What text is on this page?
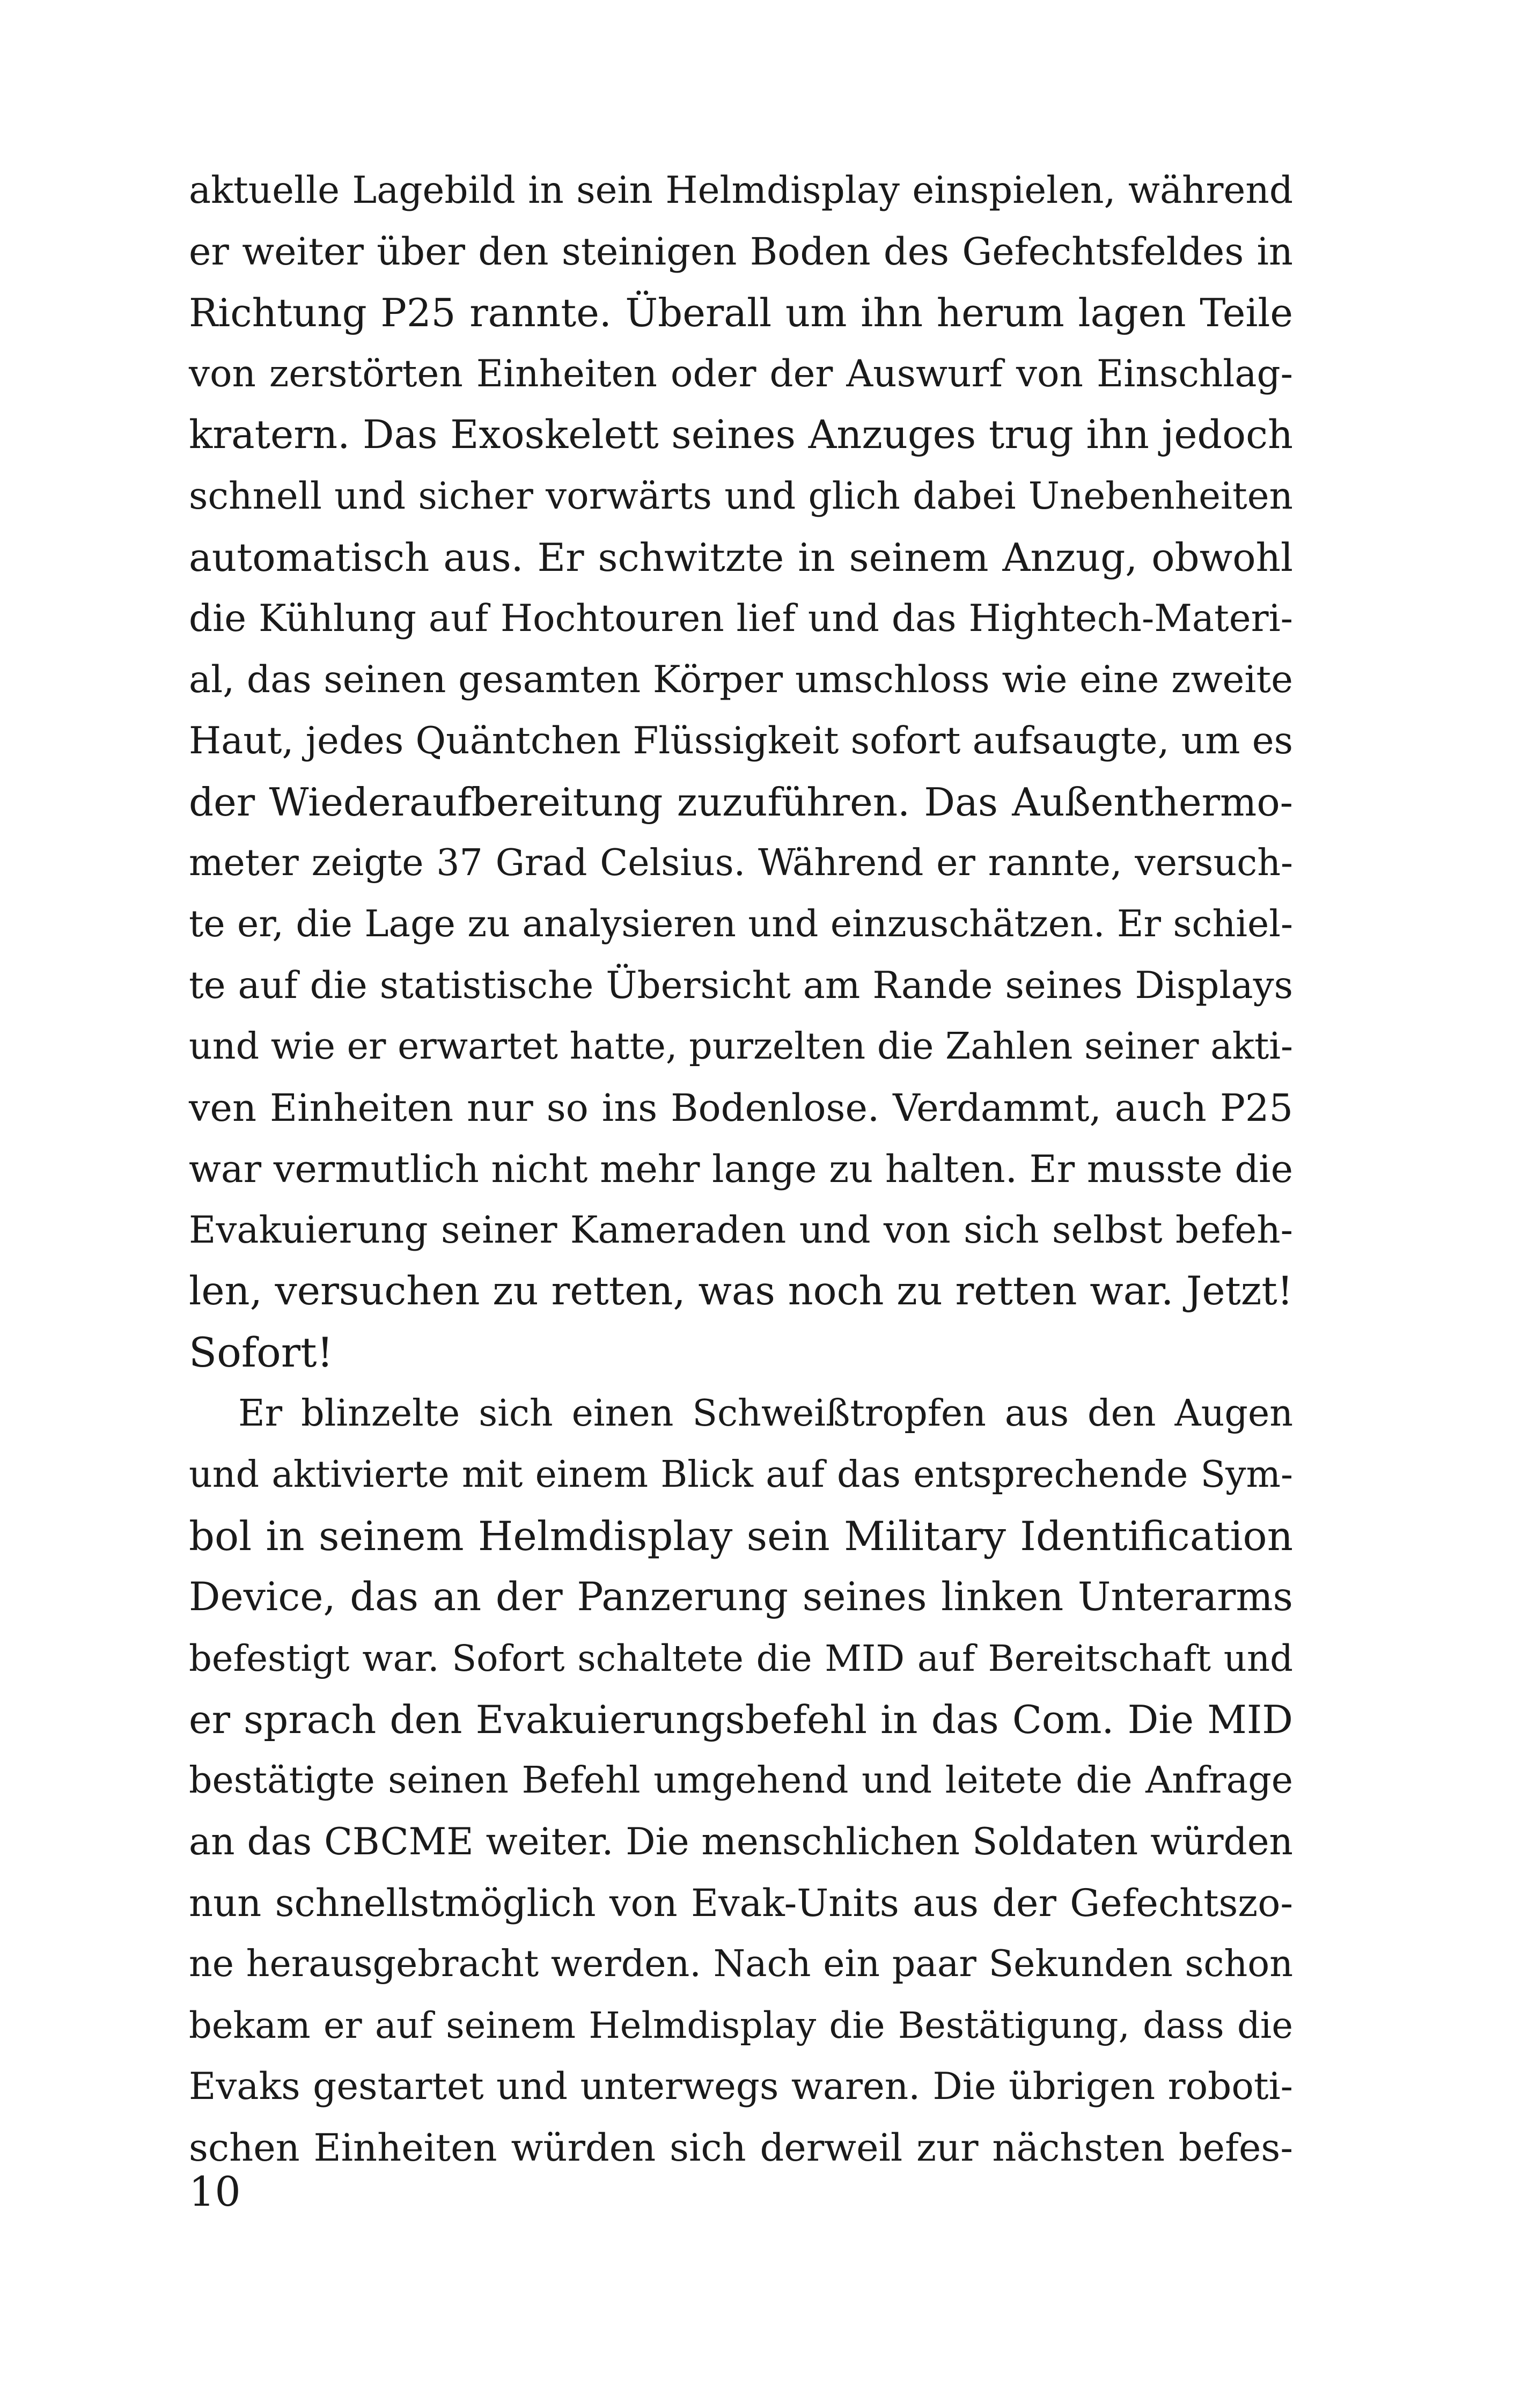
aktuelle Lagebild in sein Helmdisplay einspielen, während
er weiter über den steinigen Boden des Gefechtsfeldes in
Richtung P25 rannte. Überall um ihn herum lagen Teile
von zerstörten Einheiten oder der Auswurf von Einschlag-
kratern. Das Exoskelett seines Anzuges trug ihn jedoch
schnell und sicher vorwärts und glich dabei Unebenheiten
automatisch aus. Er schwitzte in seinem Anzug, obwohl
die Kühlung auf Hochtouren lief und das Hightech-Materi-
al, das seinen gesamten Körper umschloss wie eine zweite
Haut, jedes Quäntchen Flüssigkeit sofort aufsaugte, um es
der Wiederaufbereitung zuzuführen. Das Außenthermo-
meter zeigte 37 Grad Celsius. Während er rannte, versuch-
te er, die Lage zu analysieren und einzuschätzen. Er schiel-
te auf die statistische Übersicht am Rande seines Displays
und wie er erwartet hatte, purzelten die Zahlen seiner akti-
ven Einheiten nur so ins Bodenlose. Verdammt, auch P25
war vermutlich nicht mehr lange zu halten. Er musste die
Evakuierung seiner Kameraden und von sich selbst befeh-
len, versuchen zu retten, was noch zu retten war. Jetzt!
Sofort!
Er blinzelte sich einen Schweißtropfen aus den Augen
und aktivierte mit einem Blick auf das entsprechende Sym-
bol in seinem Helmdisplay sein Military Identification
Device, das an der Panzerung seines linken Unterarms
befestigt war. Sofort schaltete die MID auf Bereitschaft und
er sprach den Evakuierungsbefehl in das Com. Die MID
bestätigte seinen Befehl umgehend und leitete die Anfrage
an das CBCME weiter. Die menschlichen Soldaten würden
nun schnellstmöglich von Evak-Units aus der Gefechtszo-
ne herausgebracht werden. Nach ein paar Sekunden schon
bekam er auf seinem Helmdisplay die Bestätigung, dass die
Evaks gestartet und unterwegs waren. Die übrigen roboti-
schen Einheiten würden sich derweil zur nächsten befes-
10
